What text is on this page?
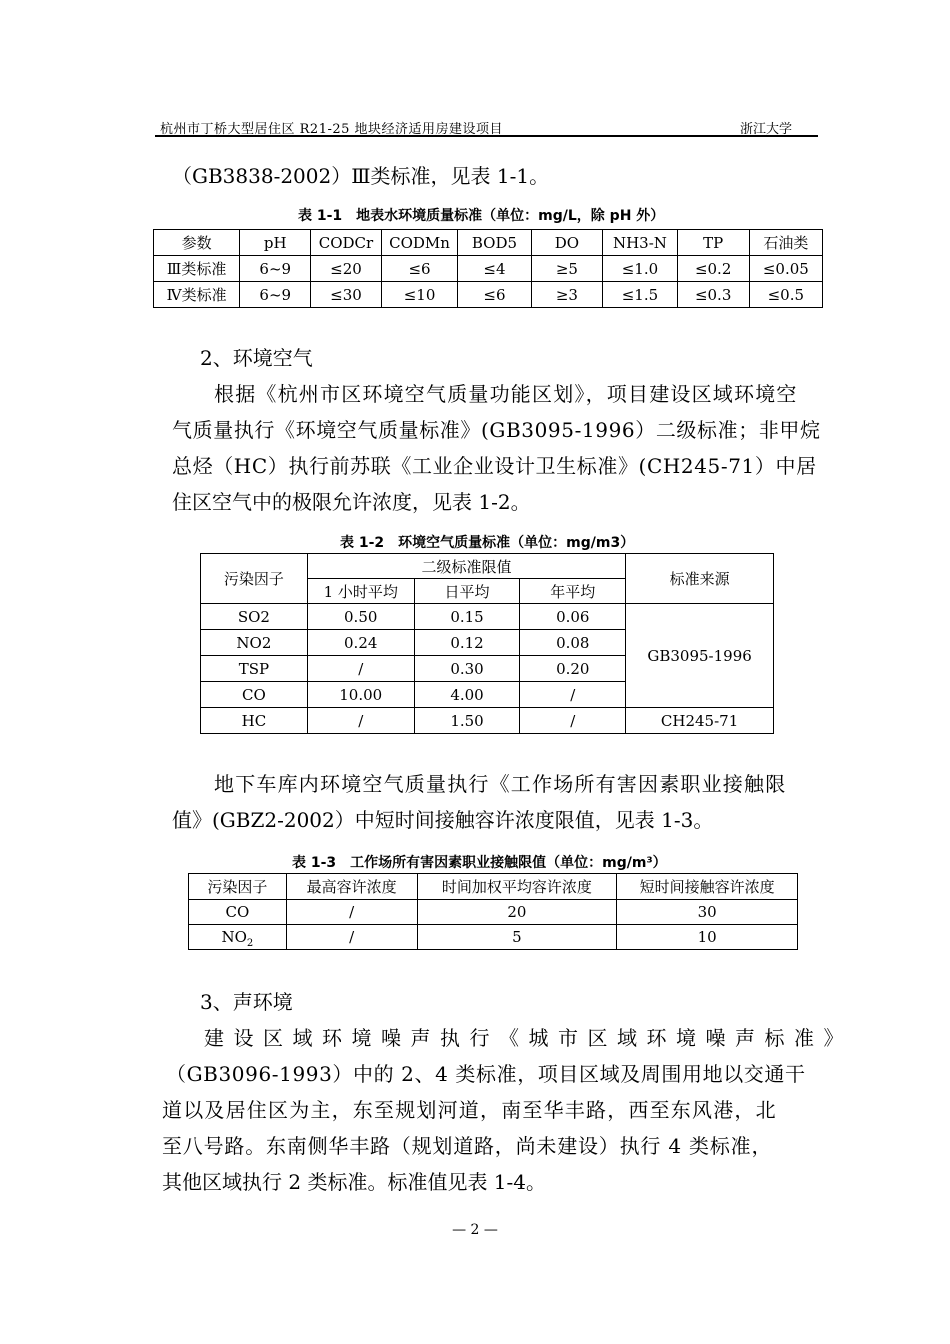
杭州市丁桥大型居住区 R21-25 地块经济适用房建设项目	浙江大学
（GB3838-2002）Ⅲ类标准，见表 1-1。
表 1-1　地表水环境质量标准（单位：mg/L，除 pH 外）
参数	pH	CODCr	CODMn	BOD5	DO	NH3-N	TP	石油类
Ⅲ类标准	6~9	≤20	≤6	≤4	≥5	≤1.0	≤0.2	≤0.05
Ⅳ类标准	6~9	≤30	≤10	≤6	≥3	≤1.5	≤0.3	≤0.5
2、环境空气
根据《杭州市区环境空气质量功能区划》，项目建设区域环境空
气质量执行《环境空气质量标准》(GB3095-1996）二级标准；非甲烷
总烃（HC）执行前苏联《工业企业设计卫生标准》(CH245-71）中居
住区空气中的极限允许浓度，见表 1-2。
表 1-2　环境空气质量标准（单位：mg/m3）
污染因子	二级标准限值			标准来源
	1 小时平均	日平均	年平均	
SO2	0.50	0.15	0.06	GB3095-1996
NO2	0.24	0.12	0.08	
TSP	/	0.30	0.20	
CO	10.00	4.00	/	
HC	/	1.50	/	CH245-71
地下车库内环境空气质量执行《工作场所有害因素职业接触限
值》(GBZ2-2002）中短时间接触容许浓度限值，见表 1-3。
表 1-3　工作场所有害因素职业接触限值（单位：mg/m³）
污染因子	最高容许浓度	时间加权平均容许浓度	短时间接触容许浓度
CO	/	20	30
$NO_2$	/	5	10
3、声环境
建设区域环境噪声执行《城市区域环境噪声标准》
（GB3096-1993）中的 2、4 类标准，项目区域及周围用地以交通干
道以及居住区为主，东至规划河道，南至华丰路，西至东风港，北
至八号路。东南侧华丰路（规划道路，尚未建设）执行 4 类标准，
其他区域执行 2 类标准。标准值见表 1-4。
— 2 —
